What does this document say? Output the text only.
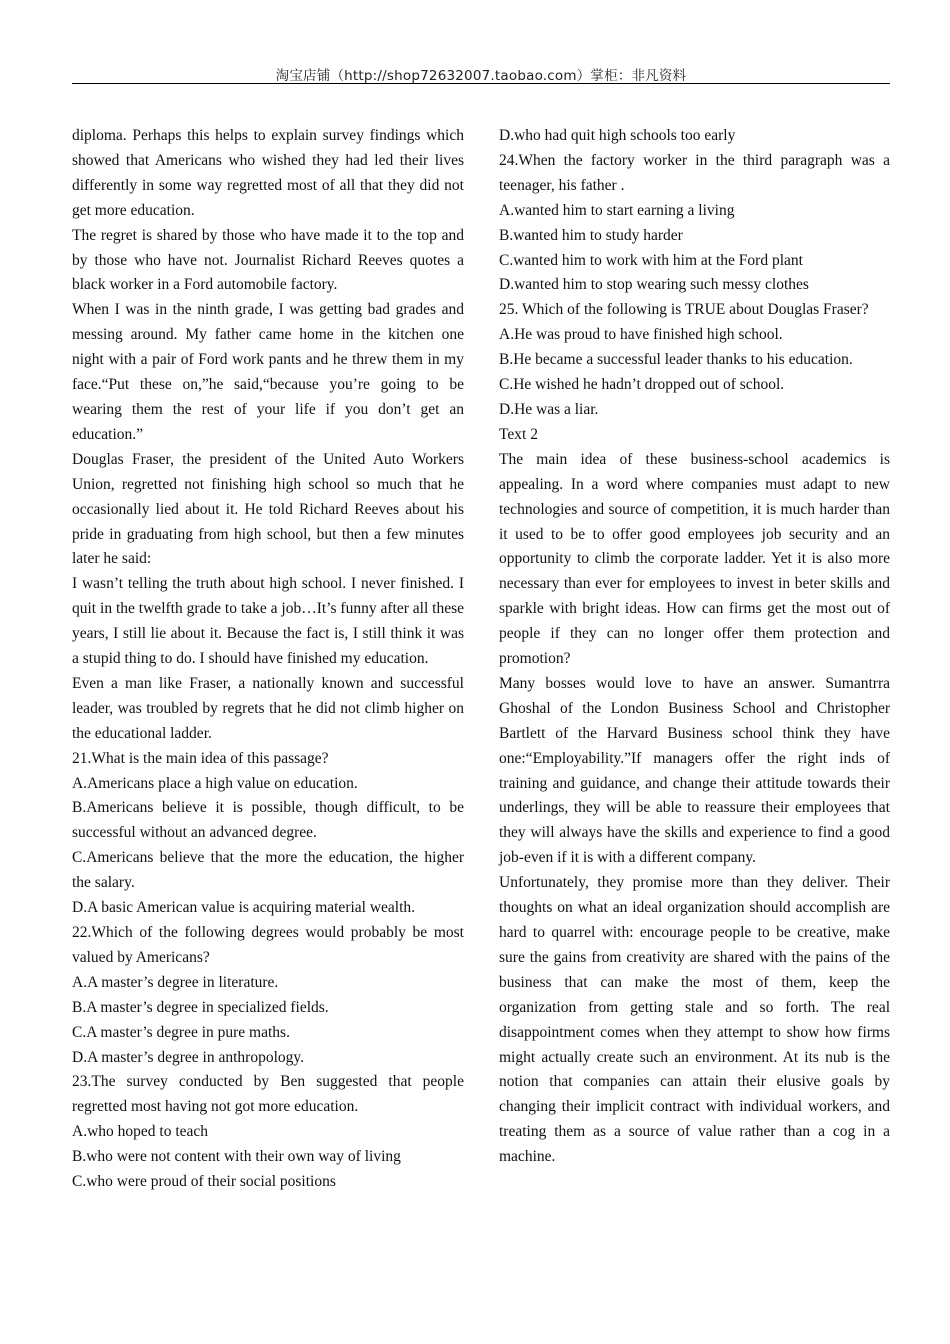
淘宝店铺（http://shop72632007.taobao.com）掌柜：非凡资料

diploma. Perhaps this helps to explain survey findings which showed that Americans who wished they had led their lives differently in some way regretted most of all that they did not get more education.

The regret is shared by those who have made it to the top and by those who have not. Journalist Richard Reeves quotes a black worker in a Ford automobile factory.

When I was in the ninth grade, I was getting bad grades and messing around. My father came home in the kitchen one night with a pair of Ford work pants and he threw them in my face.“Put these on,”he said,“because you’re going to be wearing them the rest of your life if you don’t get an education.”

Douglas Fraser, the president of the United Auto Workers Union, regretted not finishing high school so much that he occasionally lied about it. He told Richard Reeves about his pride in graduating from high school, but then a few minutes later he said:

I wasn’t telling the truth about high school. I never finished. I quit in the twelfth grade to take a job…It’s funny after all these years, I still lie about it. Because the fact is, I still think it was a stupid thing to do. I should have finished my education.

Even a man like Fraser, a nationally known and successful leader, was troubled by regrets that he did not climb higher on the educational ladder.

21.What is the main idea of this passage?

A.Americans place a high value on education.

B.Americans believe it is possible, though difficult, to be successful without an advanced degree.

C.Americans believe that the more the education, the higher the salary.

D.A basic American value is acquiring material wealth.

22.Which of the following degrees would probably be most valued by Americans?

A.A master’s degree in literature.

B.A master’s degree in specialized fields.

C.A master’s degree in pure maths.

D.A master’s degree in anthropology.

23.The survey conducted by Ben suggested that people regretted most having not got more education.

A.who hoped to teach

B.who were not content with their own way of living

C.who were proud of their social positions

D.who had quit high schools too early

24.When the factory worker in the third paragraph was a teenager, his father .

A.wanted him to start earning a living

B.wanted him to study harder

C.wanted him to work with him at the Ford plant

D.wanted him to stop wearing such messy clothes

25. Which of the following is TRUE about Douglas Fraser?

A.He was proud to have finished high school.

B.He became a successful leader thanks to his education.

C.He wished he hadn’t dropped out of school.

D.He was a liar.

Text 2

The main idea of these business-school academics is appealing. In a word where companies must adapt to new technologies and source of competition, it is much harder than it used to be to offer good employees job security and an opportunity to climb the corporate ladder. Yet it is also more necessary than ever for employees to invest in beter skills and sparkle with bright ideas. How can firms get the most out of people if they can no longer offer them protection and promotion?

Many bosses would love to have an answer. Sumantrra Ghoshal of the London Business School and Christopher Bartlett of the Harvard Business school think they have one:“Employability.”If managers offer the right inds of training and guidance, and change their attitude towards their underlings, they will be able to reassure their employees that they will always have the skills and experience to find a good job-even if it is with a different company.

Unfortunately, they promise more than they deliver. Their thoughts on what an ideal organization should accomplish are hard to quarrel with: encourage people to be creative, make sure the gains from creativity are shared with the pains of the business that can make the most of them, keep the organization from getting stale and so forth. The real disappointment comes when they attempt to show how firms might actually create such an environment. At its nub is the notion that companies can attain their elusive goals by changing their implicit contract with individual workers, and treating them as a source of value rather than a cog in a machine.
